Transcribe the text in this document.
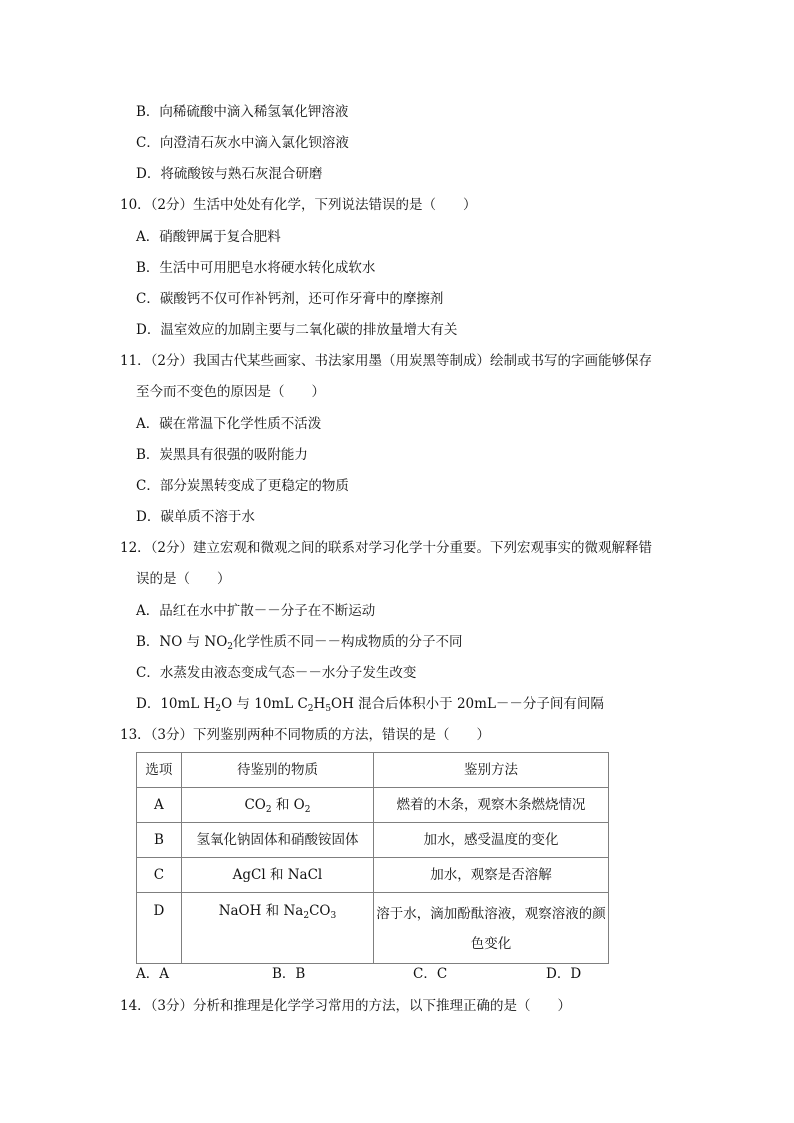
B．向稀硫酸中滴入稀氢氧化钾溶液
C．向澄清石灰水中滴入氯化钡溶液
D．将硫酸铵与熟石灰混合研磨
10．（2分）生活中处处有化学，下列说法错误的是（　　）
A．硝酸钾属于复合肥料
B．生活中可用肥皂水将硬水转化成软水
C．碳酸钙不仅可作补钙剂，还可作牙膏中的摩擦剂
D．温室效应的加剧主要与二氧化碳的排放量增大有关
11．（2分）我国古代某些画家、书法家用墨（用炭黑等制成）绘制或书写的字画能够保存
至今而不变色的原因是（　　）
A．碳在常温下化学性质不活泼
B．炭黑具有很强的吸附能力
C．部分炭黑转变成了更稳定的物质
D．碳单质不溶于水
12．（2分）建立宏观和微观之间的联系对学习化学十分重要。下列宏观事实的微观解释错
误的是（　　）
A．品红在水中扩散－－分子在不断运动
B．NO 与 $NO_2$化学性质不同－－构成物质的分子不同
C．水蒸发由液态变成气态－－水分子发生改变
D．10mL $H_2O$ 与 10mL $C_2H_5OH$ 混合后体积小于 20mL－－分子间有间隔
13．（3分）下列鉴别两种不同物质的方法，错误的是（　　）
选项	待鉴别的物质	鉴别方法
A	$CO_2$ 和 $O_2$	燃着的木条，观察木条燃烧情况
B	氢氧化钠固体和硝酸铵固体	加水，感受温度的变化
C	AgCl 和 NaCl	加水，观察是否溶解
D	NaOH 和 $Na_2CO_3$	溶于水，滴加酚酞溶液，观察溶液的颜
色变化
A．A	B．B	C．C	D．D
14．（3分）分析和推理是化学学习常用的方法，以下推理正确的是（　　）
